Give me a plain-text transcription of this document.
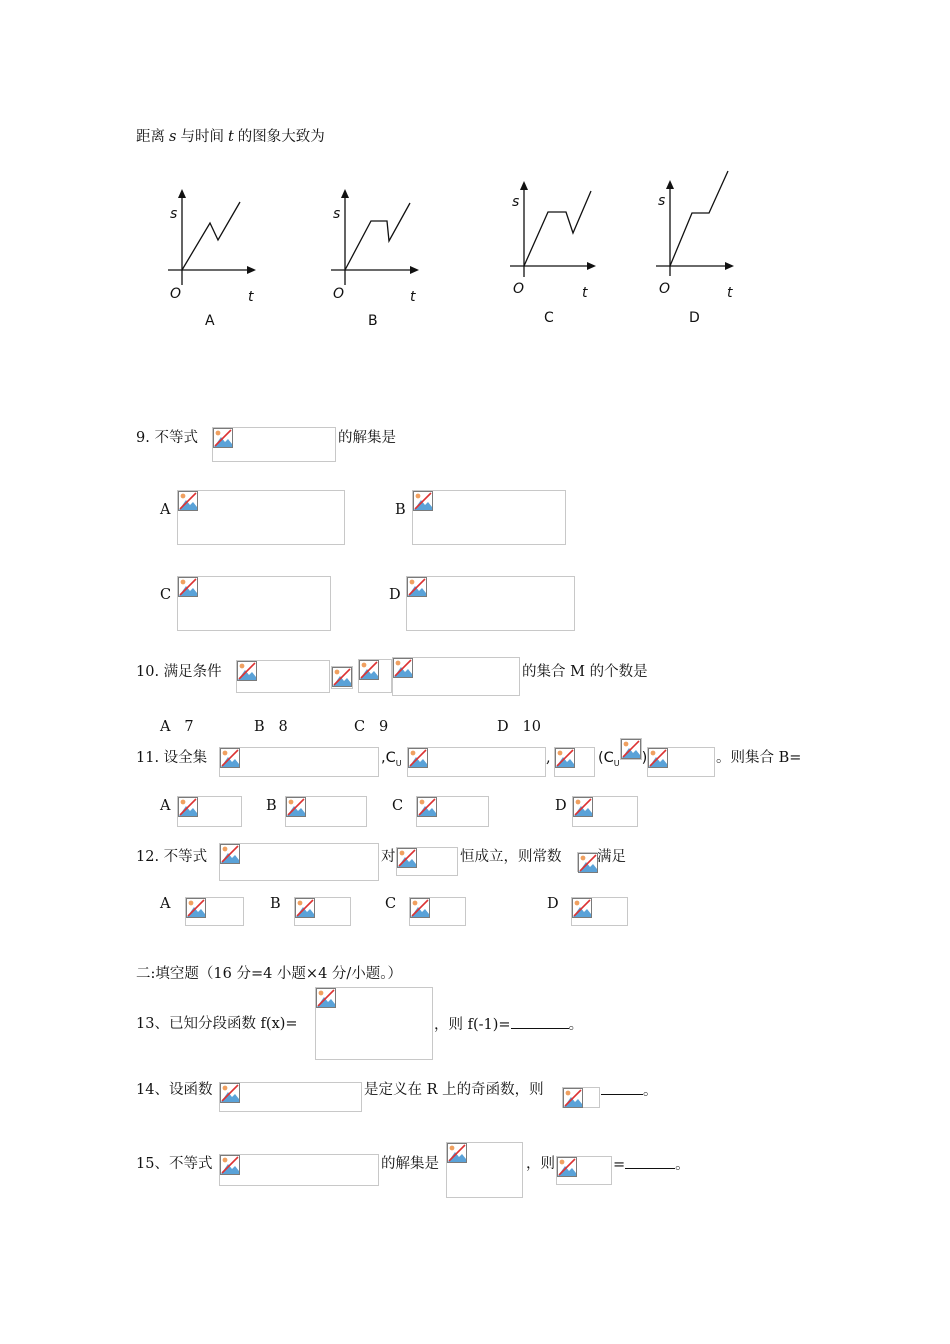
距离 s 与时间 t 的图象大致为
s
O	t
A
s
O	t
B
s
O	t
C
s
O	t
D
9. 不等式	的解集是
A	B
C	D
10. 满足条件	的集合 M 的个数是
A 7	B 8	C 9	D 10
11. 设全集	$,C_U$	,	($C_U$ )	。则集合 B=
A	B	C	D
12. 不等式	对	恒成立，则常数 满足
A	B	C	D
二:填空题（16 分=4 小题×4 分/小题。）
13、已知分段函数 f(x)=	，则 f(-1)=	。
14、设函数	是定义在 R 上的奇函数，则	。
15、不等式	的解集是	，则	=	。
